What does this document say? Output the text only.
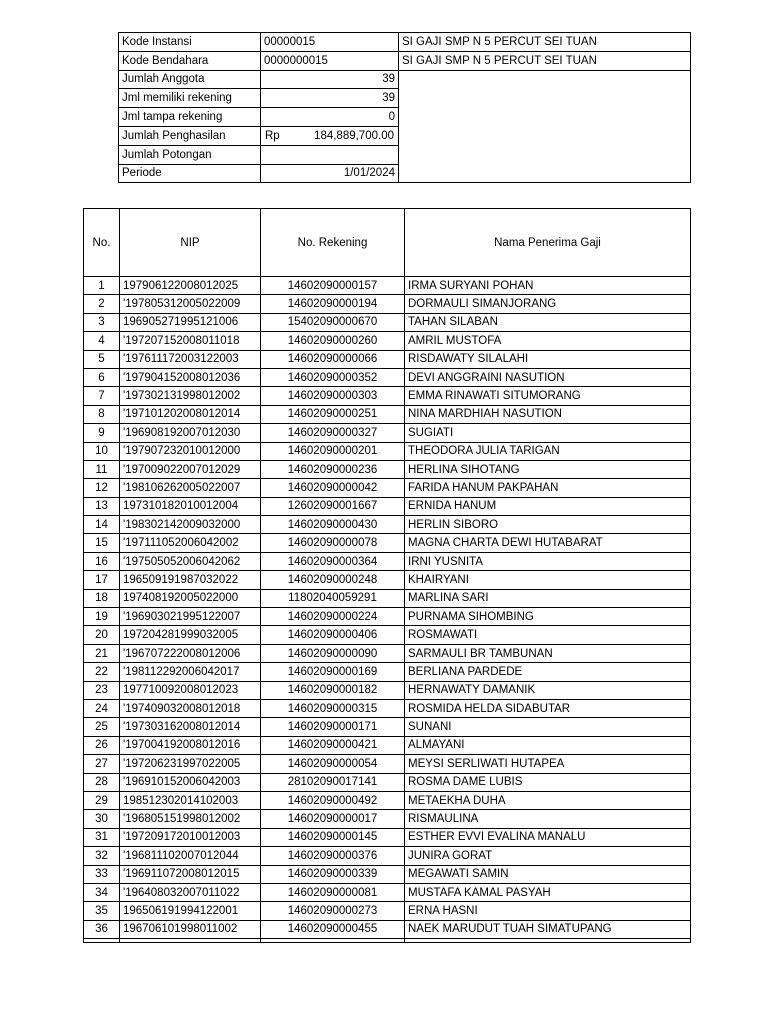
Kode Instansi	00000015	SI GAJI SMP N 5 PERCUT SEI TUAN
Kode Bendahara	0000000015	SI GAJI SMP N 5 PERCUT SEI TUAN
Jumlah Anggota	39	
Jml memiliki rekening	39	
Jml tampa rekening	0	
Jumlah Penghasilan	Rp 184,889,700.00	

Jumlah Potongan		
Periode	1/01/2024	
No.	NIP	No. Rekening	Nama Penerima Gaji
1	197906122008012025	14602090000157	IRMA SURYANI POHAN
2	'197805312005022009	14602090000194	DORMAULI SIMANJORANG
3	196905271995121006	15402090000670	TAHAN SILABAN
4	'197207152008011018	14602090000260	AMRIL MUSTOFA
5	'197611172003122003	14602090000066	RISDAWATY SILALAHI
6	'197904152008012036	14602090000352	DEVI ANGGRAINI NASUTION
7	'197302131998012002	14602090000303	EMMA RINAWATI SITUMORANG
8	'197101202008012014	14602090000251	NINA MARDHIAH NASUTION
9	'196908192007012030	14602090000327	SUGIATI
10	'197907232010012000	14602090000201	THEODORA JULIA TARIGAN
11	'197009022007012029	14602090000236	HERLINA SIHOTANG
12	'198106262005022007	14602090000042	FARIDA HANUM PAKPAHAN
13	197310182010012004	12602090001667	ERNIDA HANUM
14	'198302142009032000	14602090000430	HERLIN SIBORO
15	'197111052006042002	14602090000078	MAGNA CHARTA DEWI HUTABARAT
16	'197505052006042062	14602090000364	IRNI YUSNITA
17	196509191987032022	14602090000248	KHAIRYANI
18	197408192005022000	11802040059291	MARLINA SARI
19	'196903021995122007	14602090000224	PURNAMA SIHOMBING
20	197204281999032005	14602090000406	ROSMAWATI
21	'196707222008012006	14602090000090	SARMAULI BR TAMBUNAN
22	'198112292006042017	14602090000169	BERLIANA PARDEDE
23	197710092008012023	14602090000182	HERNAWATY DAMANIK
24	'197409032008012018	14602090000315	ROSMIDA HELDA SIDABUTAR
25	'197303162008012014	14602090000171	SUNANI
26	'197004192008012016	14602090000421	ALMAYANI
27	'197206231997022005	14602090000054	MEYSI SERLIWATI HUTAPEA
28	'196910152006042003	28102090017141	ROSMA DAME LUBIS
29	198512302014102003	14602090000492	METAEKHA DUHA
30	'196805151998012002	14602090000017	RISMAULINA
31	'197209172010012003	14602090000145	ESTHER EVVI EVALINA MANALU
32	'196811102007012044	14602090000376	JUNIRA GORAT
33	'196911072008012015	14602090000339	MEGAWATI SAMIN
34	'196408032007011022	14602090000081	MUSTAFA KAMAL PASYAH
35	196506191994122001	14602090000273	ERNA HASNI
36	196706101998011002	14602090000455	NAEK MARUDUT TUAH SIMATUPANG
